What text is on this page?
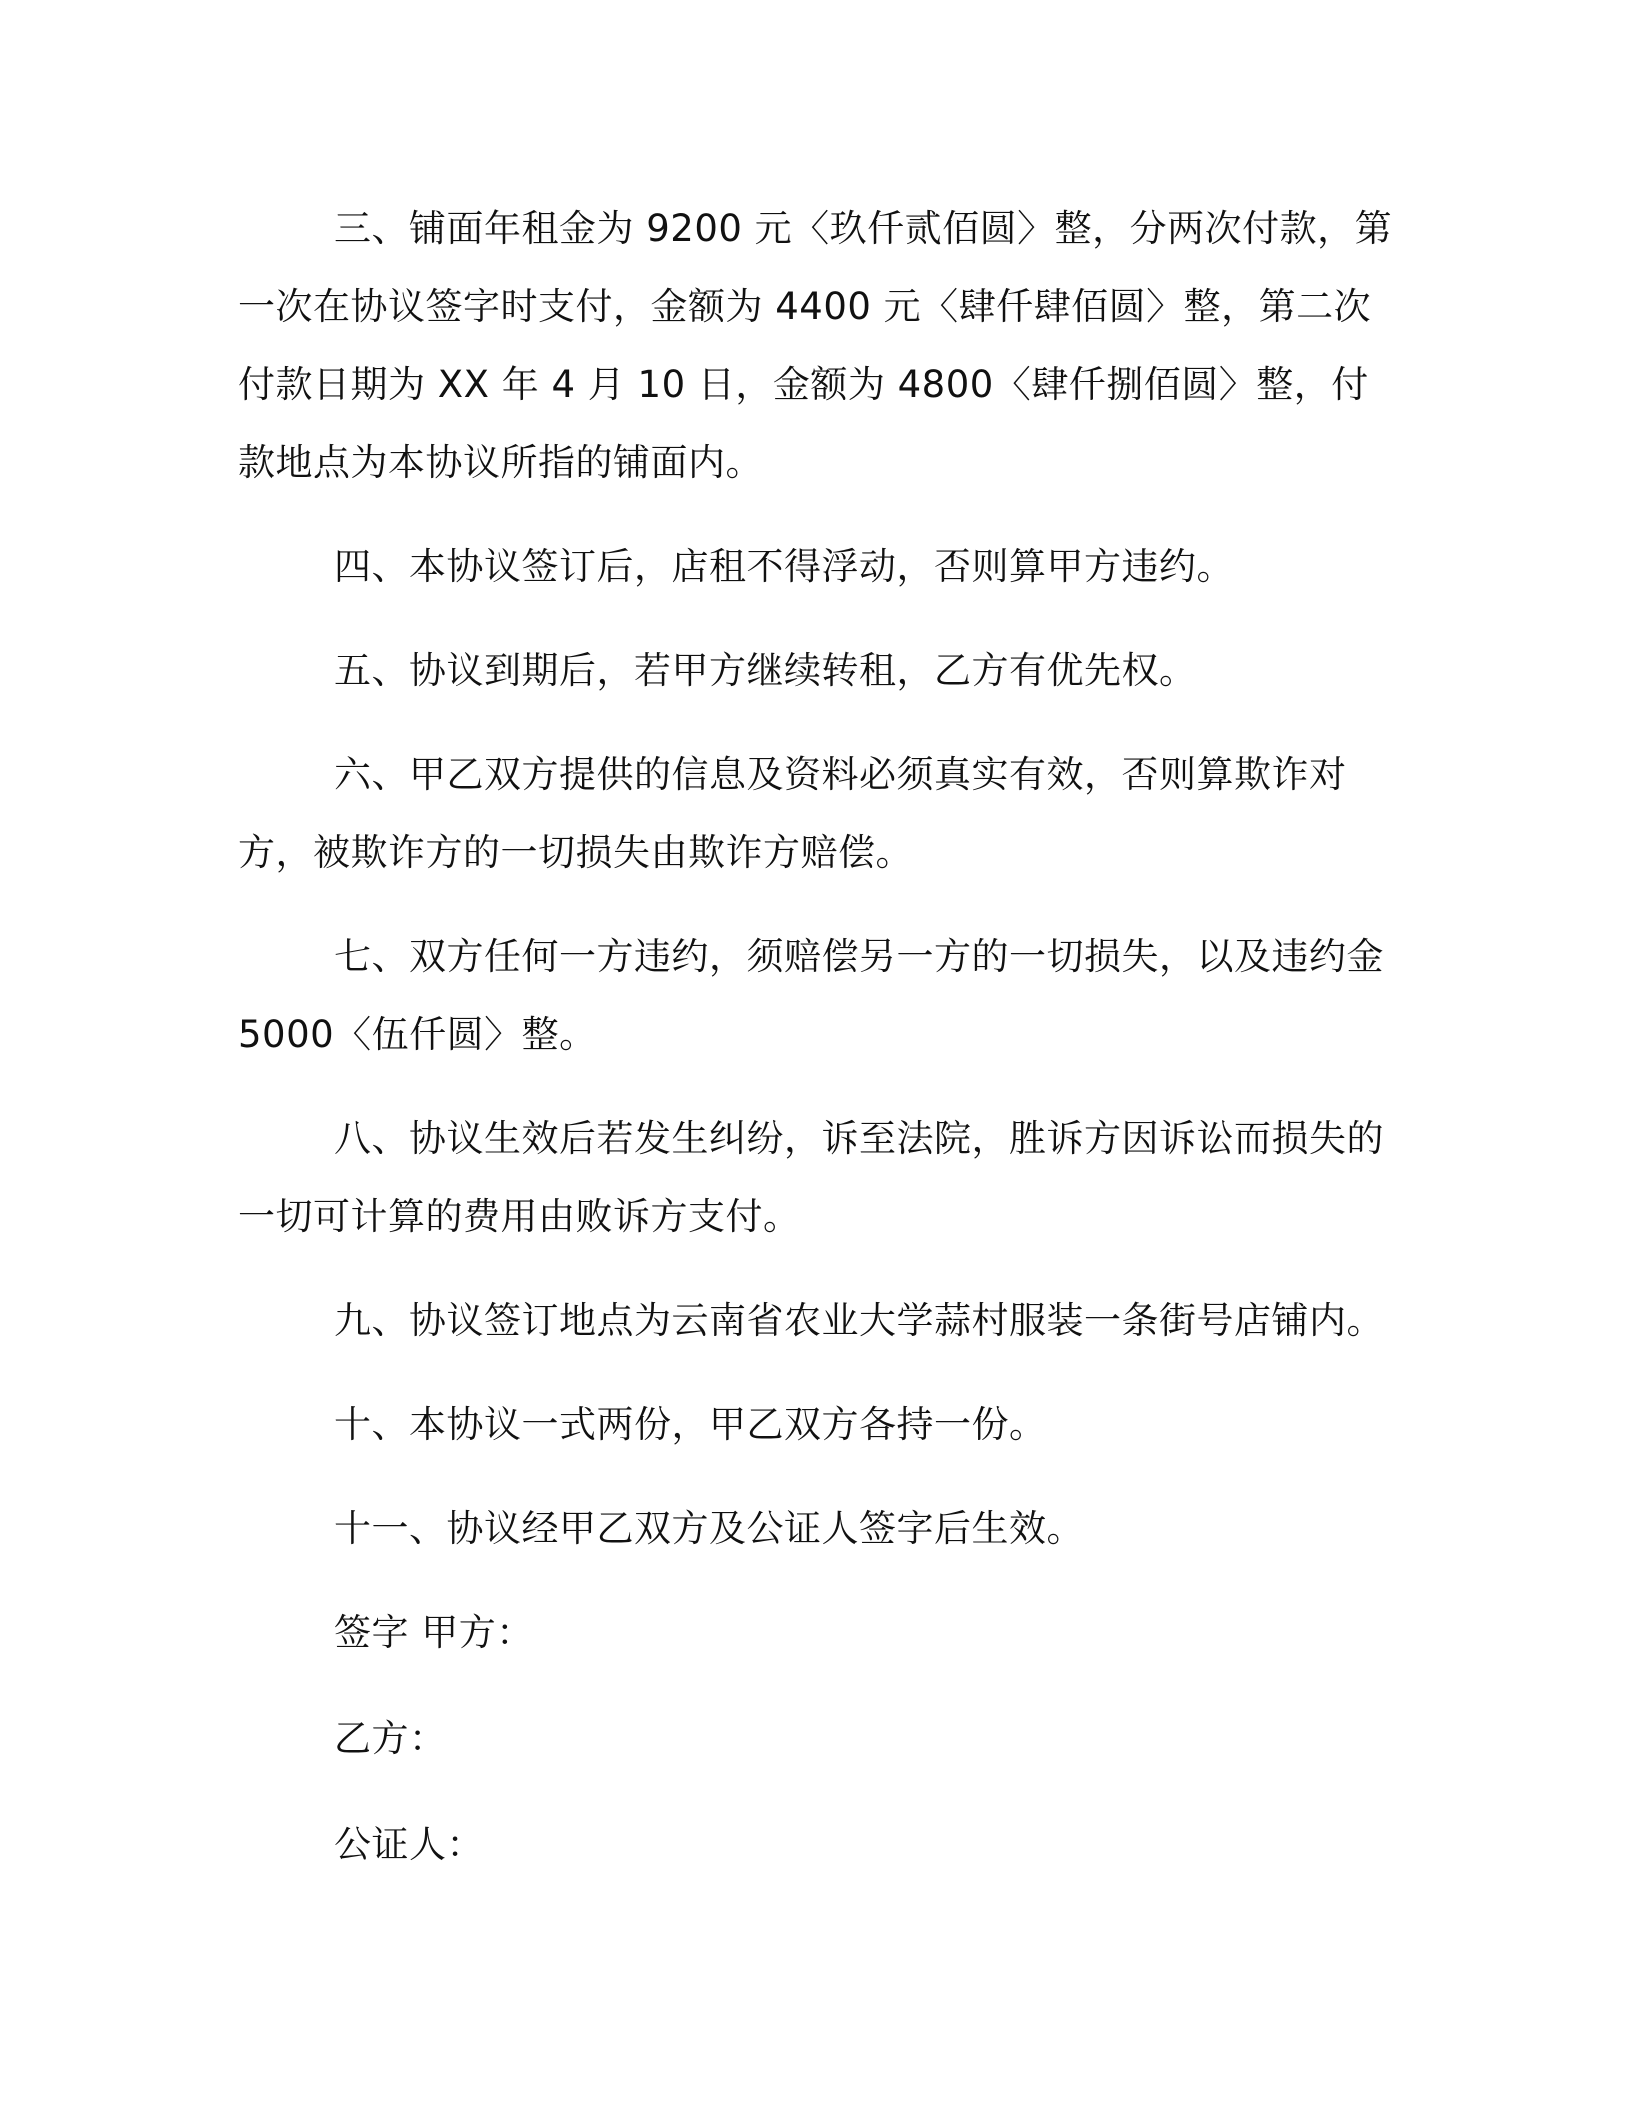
三、铺面年租金为 9200 元〈玖仟贰佰圆〉整，分两次付款，第一次在协议签字时支付，金额为 4400 元〈肆仟肆佰圆〉整，第二次付款日期为 XX 年 4 月 10 日，金额为 4800〈肆仟捌佰圆〉整，付款地点为本协议所指的铺面内。

四、本协议签订后，店租不得浮动，否则算甲方违约。

五、协议到期后，若甲方继续转租，乙方有优先权。

六、甲乙双方提供的信息及资料必须真实有效，否则算欺诈对方，被欺诈方的一切损失由欺诈方赔偿。

七、双方任何一方违约，须赔偿另一方的一切损失，以及违约金 5000〈伍仟圆〉整。

八、协议生效后若发生纠纷，诉至法院，胜诉方因诉讼而损失的一切可计算的费用由败诉方支付。

九、协议签订地点为云南省农业大学蒜村服装一条街号店铺内。

十、本协议一式两份，甲乙双方各持一份。

十一、协议经甲乙双方及公证人签字后生效。

签字 甲方：

乙方：

公证人：
